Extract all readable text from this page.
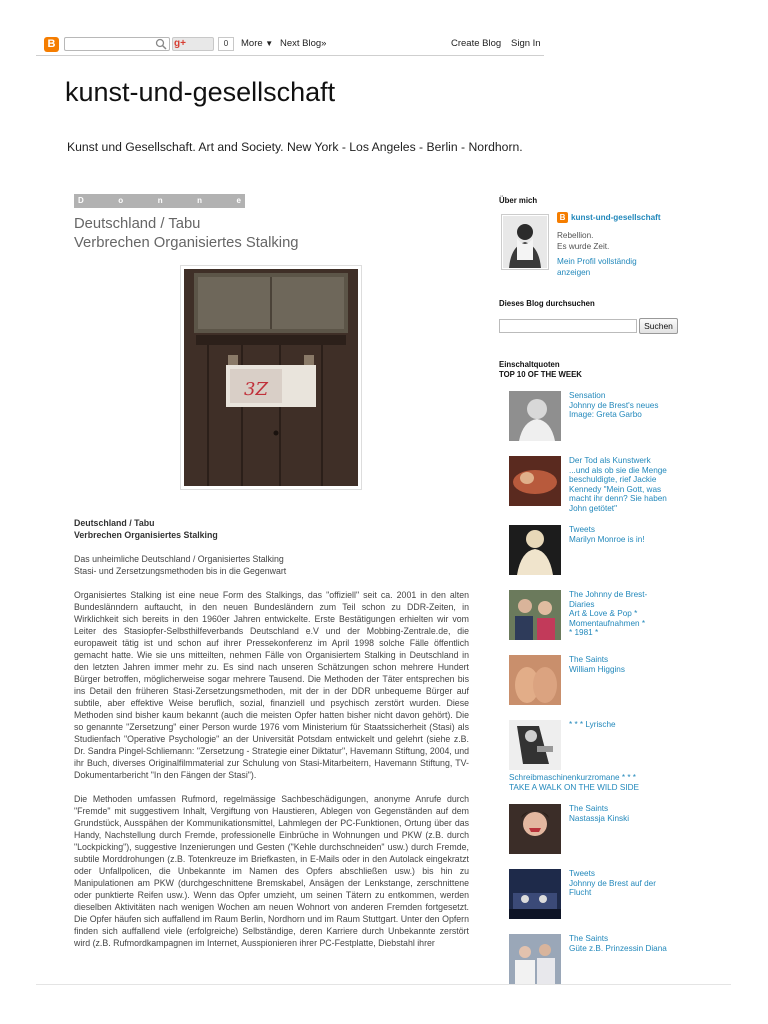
B	g+	0	More ▼ Next Blog»	Create Blog Sign In
kunst-und-gesellschaft
Kunst und Gesellschaft. Art and Society. New York - Los Angeles - Berlin - Nordhorn.
D	o	n	n	e
Deutschland / Tabu
Verbrechen Organisiertes Stalking
3Z

Deutschland / Tabu
Verbrechen Organisiertes Stalking

Das unheimliche Deutschland / Organisiertes Stalking
Stasi- und Zersetzungsmethoden bis in die Gegenwart

Organisiertes Stalking ist eine neue Form des Stalkings, das "offiziell" seit ca. 2001 in den alten Bundeslänndern auftaucht, in den neuen Bundesländern zum Teil schon zu DDR-Zeiten, in Wirklichkeit sich bereits in den 1960er Jahren entwickelte. Erste Bestätigungen erhielten wir vom Leiter des Stasiopfer-Selbsthilfeverbands Deutschland e.V und der Mobbing-Zentrale.de, die europaweit tätig ist und schon auf ihrer Pressekonferenz im April 1998 solche Fälle öffentlich gemacht hatte. Wie sie uns mitteilten, nehmen Fälle von Organisiertem Stalking in Deutschland in den letzten Jahren immer mehr zu. Es sind nach unseren Schätzungen schon mehrere Hundert Bürger betroffen, möglicherweise sogar mehrere Tausend. Die Methoden der Täter entsprechen bis ins Detail den früheren Stasi-Zersetzungsmethoden, mit der in der DDR unbequeme Bürger auf subtile, aber effektive Weise beruflich, sozial, finanziell und psychisch zerstört wurden. Diese Methoden sind bisher kaum bekannt (auch die meisten Opfer hatten bisher nicht davon gehört). Die so genannte "Zersetzung" einer Person wurde 1976 vom Ministerium für Staatssicherheit (Stasi) als Studienfach "Operative Psychologie" an der Universität Potsdam entwickelt und gelehrt (siehe z.B. Dr. Sandra Pingel-Schliemann: "Zersetzung - Strategie einer Diktatur", Havemann Stiftung, 2004, und ihr Buch, diverses Originalfilmmaterial zur Schulung von Stasi-Mitarbeitern, Havemann Stiftung, TV-Dokumentarbericht "In den Fängen der Stasi").

Die Methoden umfassen Rufmord, regelmässige Sachbeschädigungen, anonyme Anrufe durch "Fremde" mit suggestivem Inhalt, Vergiftung von Haustieren, Ablegen von Gegenständen auf dem Grundstück, Ausspähen der Kommunikationsmittel, Lahmlegen der PC-Funktionen, Ortung über das Handy, Nachstellung durch Fremde, professionelle Einbrüche in Wohnungen und PKW (z.B. durch "Lockpicking"), suggestive Inzenierungen und Gesten ("Kehle durchschneiden" usw.) durch Fremde, subtile Morddrohungen (z.B. Totenkreuze im Briefkasten, in E-Mails oder in den Autolack eingekratzt oder Unfallpolicen, die Unbekannte im Namen des Opfers abschließen usw.) bis hin zu Manipulationen am PKW (durchgeschnittene Bremskabel, Ansägen der Lenkstange, zerschnittene oder punktierte Reifen usw.). Wenn das Opfer umzieht, um seinen Tätern zu entkommen, werden dieselben Aktivitäten nach wenigen Wochen am neuen Wohnort von anderen Fremden fortgesetzt. Die Opfer häufen sich auffallend im Raum Berlin, Nordhorn und im Raum Stuttgart. Unter den Opfern finden sich auffallend viele (erfolgreiche) Selbständige, deren Karriere durch Unbekannte zerstört wird (z.B. Rufmordkampagnen im Internet, Ausspionieren ihrer PC-Festplatte, Diebstahl ihrer

Über mich
B kunst-und-gesellschaft
Rebellion.
Es wurde Zeit.
Mein Profil vollständig anzeigen
Dieses Blog durchsuchen
Suchen
Einschaltquoten
TOP 10 OF THE WEEK
Sensation
Johnny de Brest's neues
Image: Greta Garbo
Der Tod als Kunstwerk
...und als ob sie die Menge
beschuldigte, rief Jackie
Kennedy "Mein Gott, was
macht ihr denn? Sie haben
John getötet"
Tweets
Marilyn Monroe is in!
The Johnny de Brest-
Diaries
Art & Love & Pop *
Momentaufnahmen *
* 1981 *
The Saints
William Higgins
* * * Lyrische
Schreibmaschinenkurzromane * * *
TAKE A WALK ON THE WILD SIDE
The Saints
Nastassja Kinski
Tweets
Johnny de Brest auf der
Flucht
The Saints
Güte z.B. Prinzessin Diana
